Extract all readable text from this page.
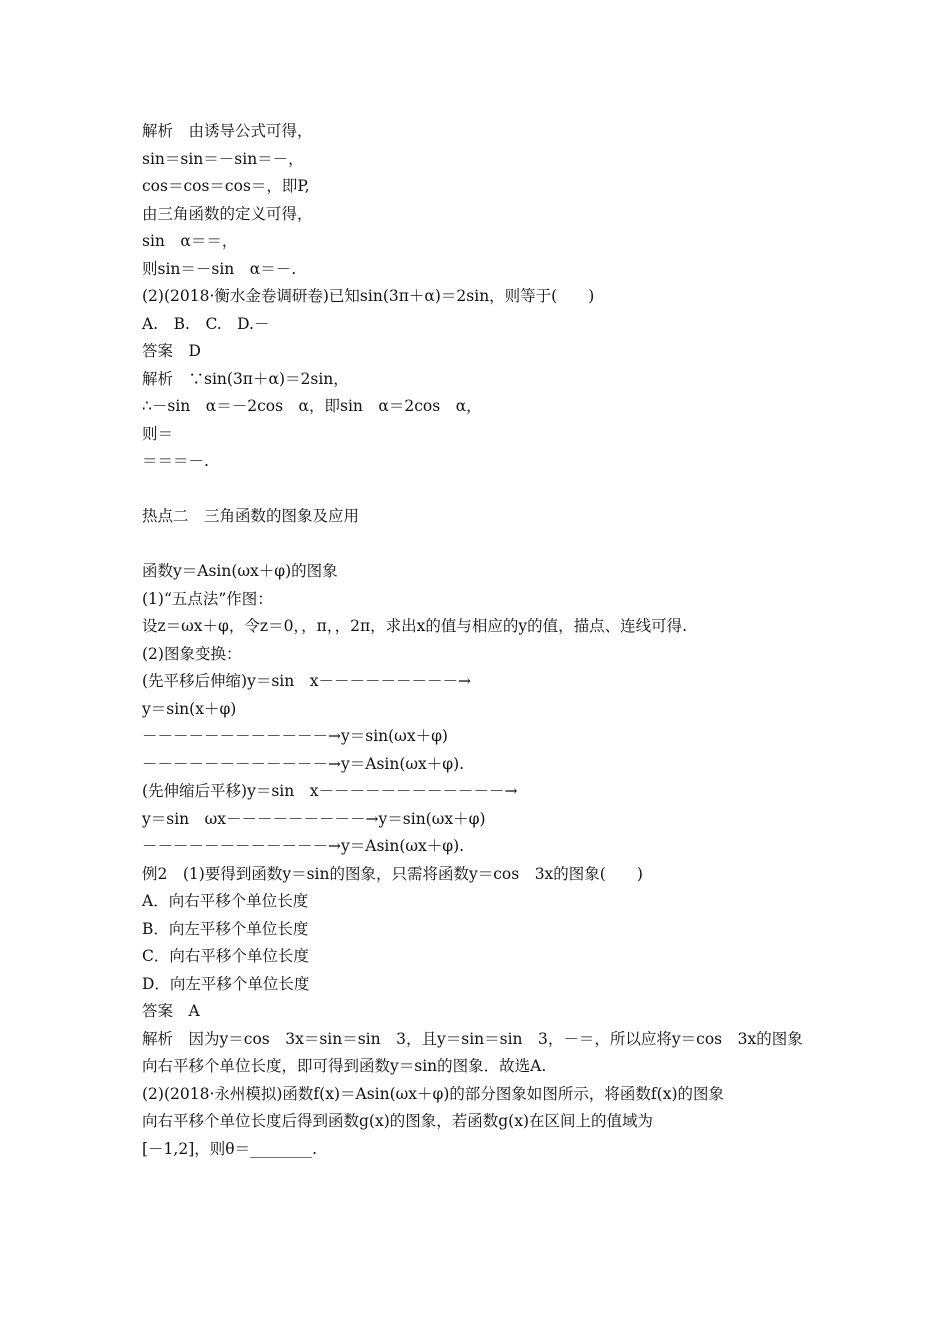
解析　由诱导公式可得，
sin＝sin＝－sin＝－，
cos＝cos＝cos＝，即P,
由三角函数的定义可得，
sin　α＝＝，
则sin＝－sin　α＝－.
(2)(2018·衡水金卷调研卷)已知sin(3π＋α)＝2sin，则等于(　　)
A.　B.　C.　D.－
答案　D
解析　∵sin(3π＋α)＝2sin，
∴－sin　α＝－2cos　α，即sin　α＝2cos　α，
则＝
＝＝＝－.
热点二　三角函数的图象及应用
函数y＝Asin(ωx＋φ)的图象
(1)“五点法”作图：
设z＝ωx＋φ，令z＝0，，π，，2π，求出x的值与相应的y的值，描点、连线可得.
(2)图象变换：
(先平移后伸缩)y＝sin　x－－－－－－－－－→
y＝sin(x＋φ)
－－－－－－－－－－－－→y＝sin(ωx＋φ)
－－－－－－－－－－－－→y＝Asin(ωx＋φ).
(先伸缩后平移)y＝sin　x－－－－－－－－－－－－→
y＝sin　ωx－－－－－－－－－→y＝sin(ωx＋φ)
－－－－－－－－－－－－→y＝Asin(ωx＋φ).
例2　(1)要得到函数y＝sin的图象，只需将函数y＝cos　3x的图象(　　)
A．向右平移个单位长度
B．向左平移个单位长度
C．向右平移个单位长度
D．向左平移个单位长度
答案　A
解析　因为y＝cos　3x＝sin＝sin　3，且y＝sin＝sin　3，－＝，所以应将y＝cos　3x的图象
向右平移个单位长度，即可得到函数y＝sin的图象．故选A.
(2)(2018·永州模拟)函数f(x)＝Asin(ωx＋φ)的部分图象如图所示，将函数f(x)的图象
向右平移个单位长度后得到函数g(x)的图象，若函数g(x)在区间上的值域为
[－1,2]，则θ＝________.
